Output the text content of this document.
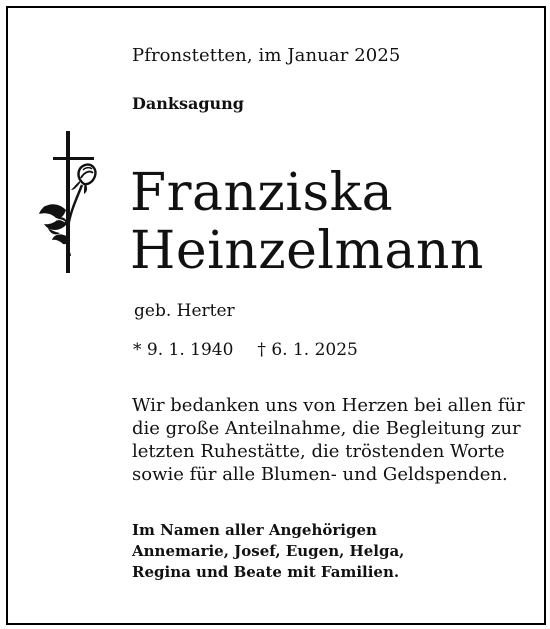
Pfronstetten, im Januar 2025
Danksagung
Franziska
Heinzelmann
geb. Herter
* 9. 1. 1940 † 6. 1. 2025
Wir bedanken uns von Herzen bei allen für
die große Anteilnahme, die Begleitung zur
letzten Ruhestätte, die tröstenden Worte
sowie für alle Blumen- und Geldspenden.
Im Namen aller Angehörigen
Annemarie, Josef, Eugen, Helga,
Regina und Beate mit Familien.
